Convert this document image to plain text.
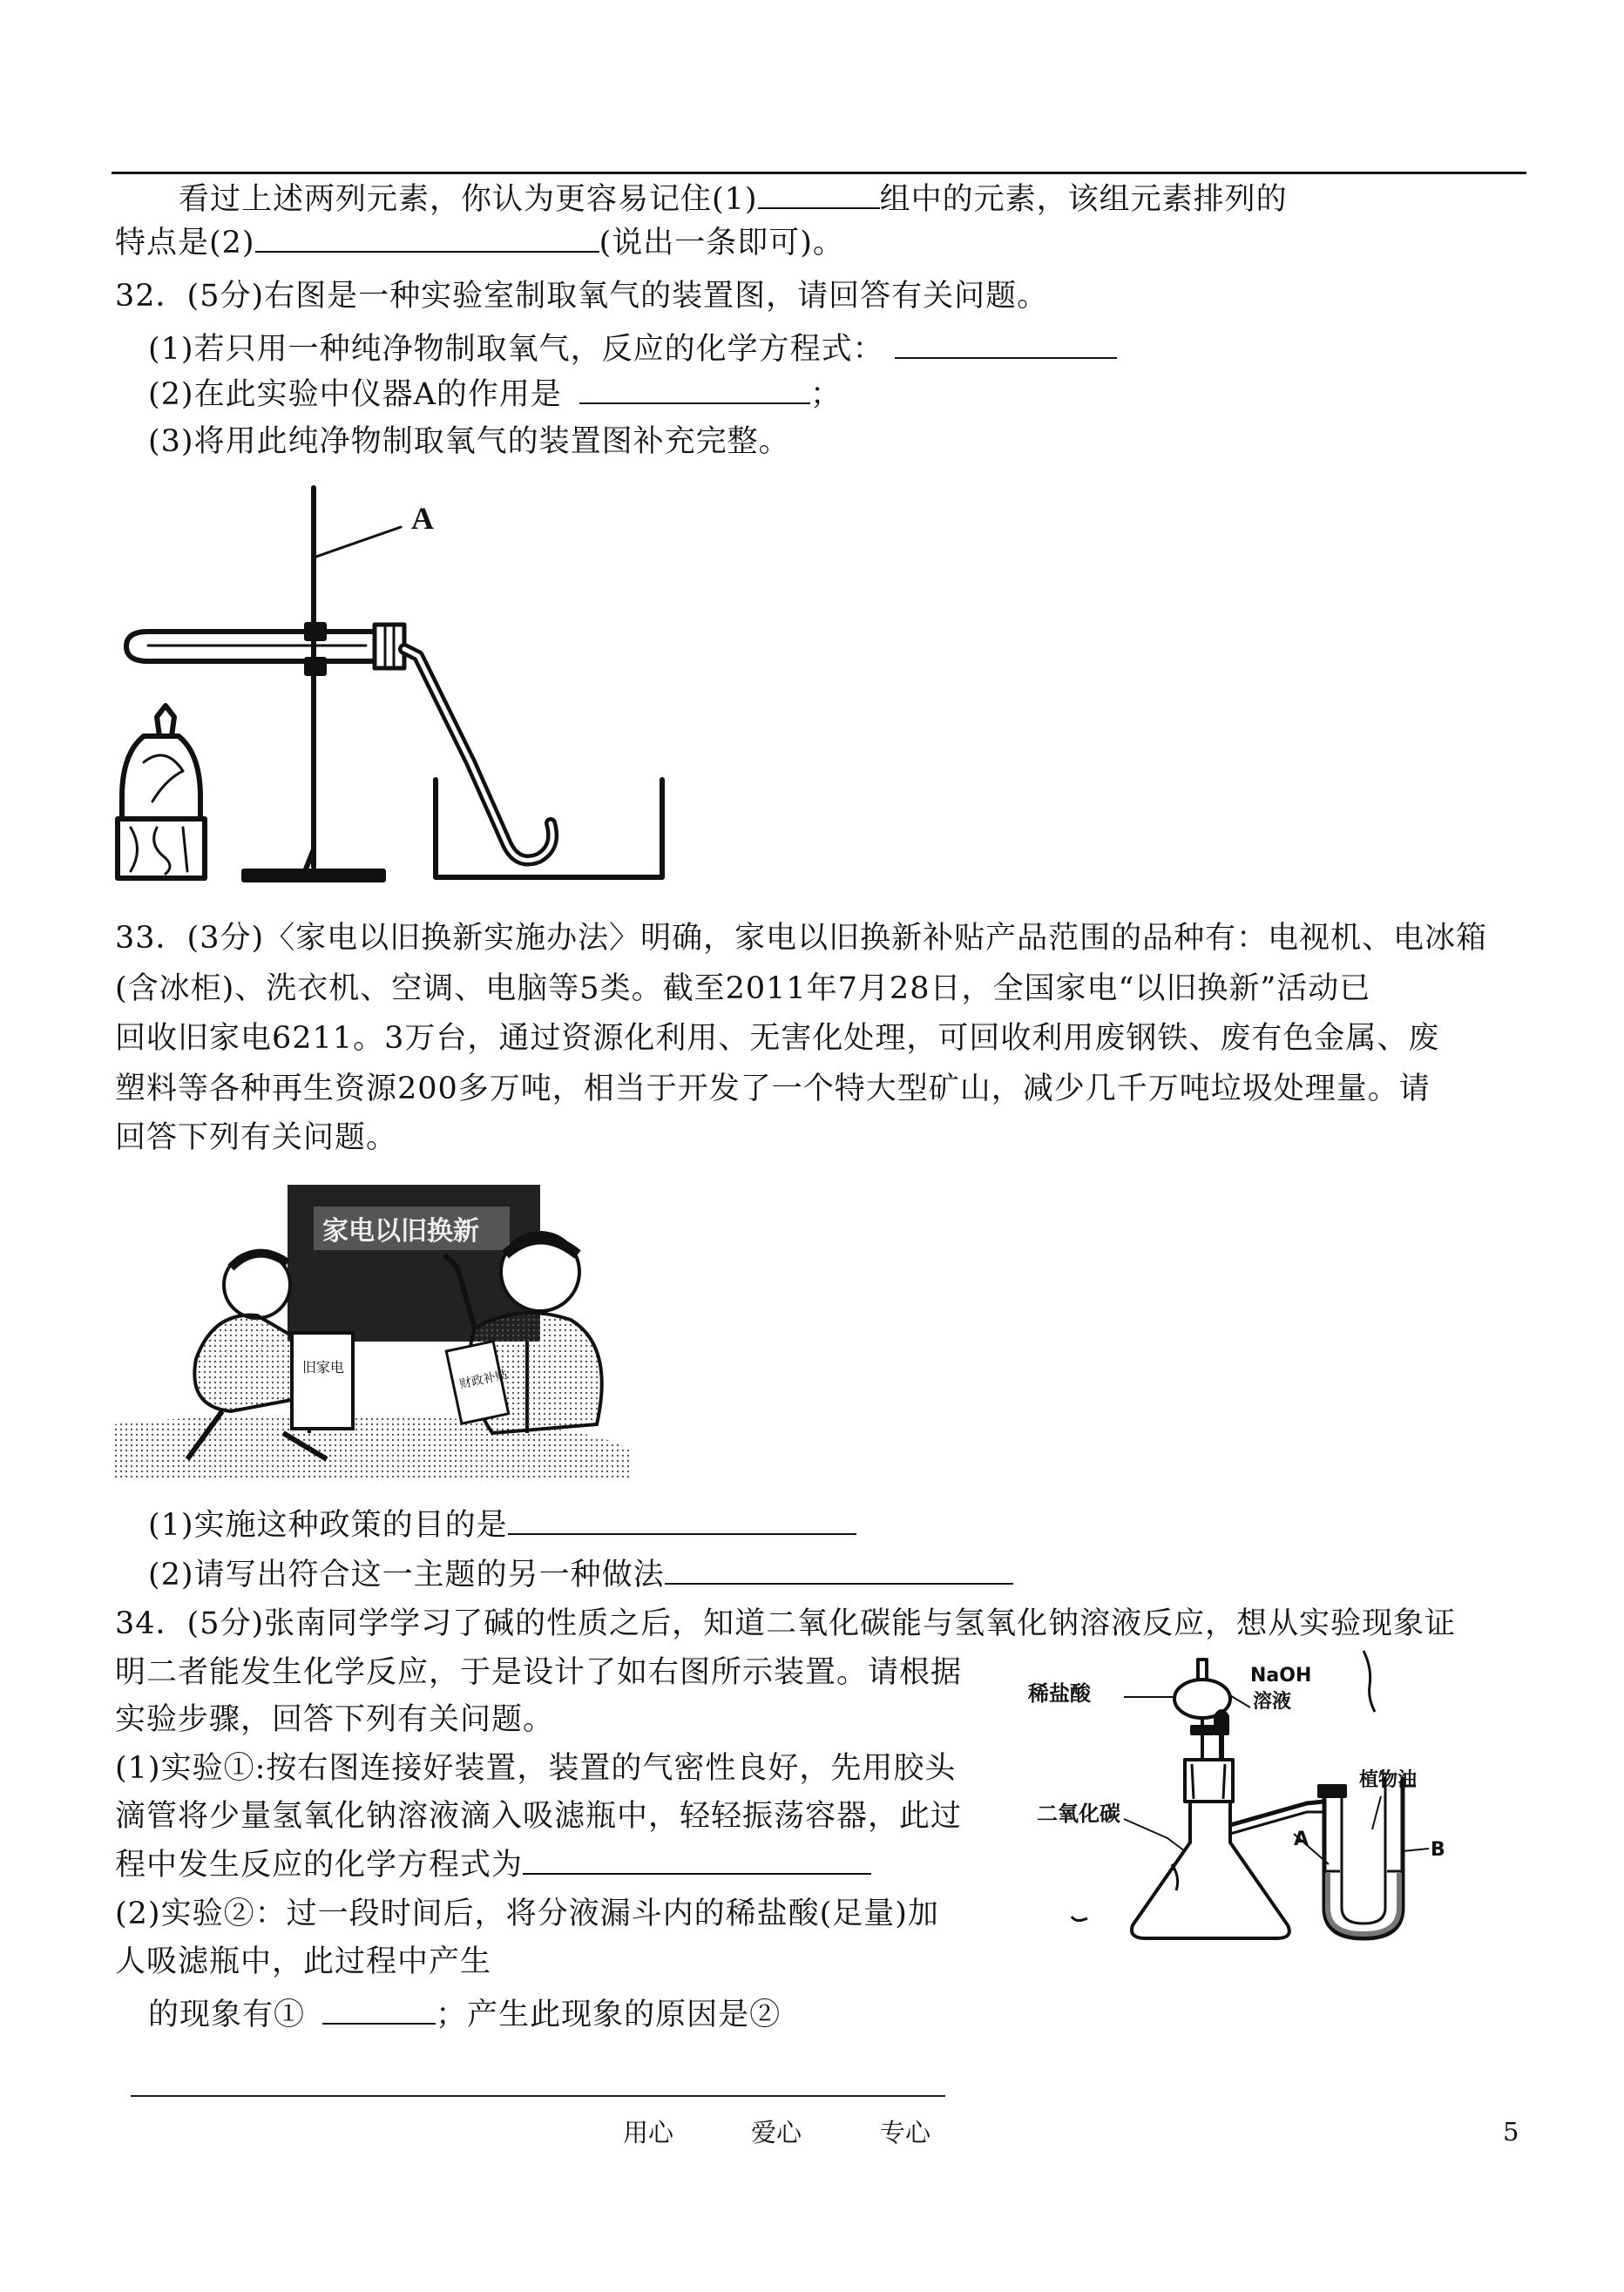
看过上述两列元素，你认为更容易记住(1)	组中的元素，该组元素排列的
特点是(2)	(说出一条即可)。
32．(5分)右图是一种实验室制取氧气的装置图，请回答有关问题。
(1)若只用一种纯净物制取氧气，反应的化学方程式：
(2)在此实验中仪器A的作用是	；
(3)将用此纯净物制取氧气的装置图补充完整。
A
33．(3分)〈家电以旧换新实施办法〉明确，家电以旧换新补贴产品范围的品种有：电视机、电冰箱
(含冰柜)、洗衣机、空调、电脑等5类。截至2011年7月28日，全国家电“以旧换新”活动已
回收旧家电6211。3万台，通过资源化利用、无害化处理，可回收利用废钢铁、废有色金属、废
塑料等各种再生资源200多万吨，相当于开发了一个特大型矿山，减少几千万吨垃圾处理量。请
回答下列有关问题。
家电以旧换新
旧家电
财政补贴
(1)实施这种政策的目的是
(2)请写出符合这一主题的另一种做法
34．(5分)张南同学学习了碱的性质之后，知道二氧化碳能与氢氧化钠溶液反应，想从实验现象证
明二者能发生化学反应，于是设计了如右图所示装置。请根据
实验步骤，回答下列有关问题。
(1)实验①:按右图连接好装置，装置的气密性良好，先用胶头
滴管将少量氢氧化钠溶液滴入吸滤瓶中，轻轻振荡容器，此过
程中发生反应的化学方程式为
(2)实验②：过一段时间后，将分液漏斗内的稀盐酸(足量)加
人吸滤瓶中，此过程中产生
的现象有①	；产生此现象的原因是②
稀盐酸
NaOH
溶液
二氧化碳
植物油
A	B
用心	爱心	专心	5
